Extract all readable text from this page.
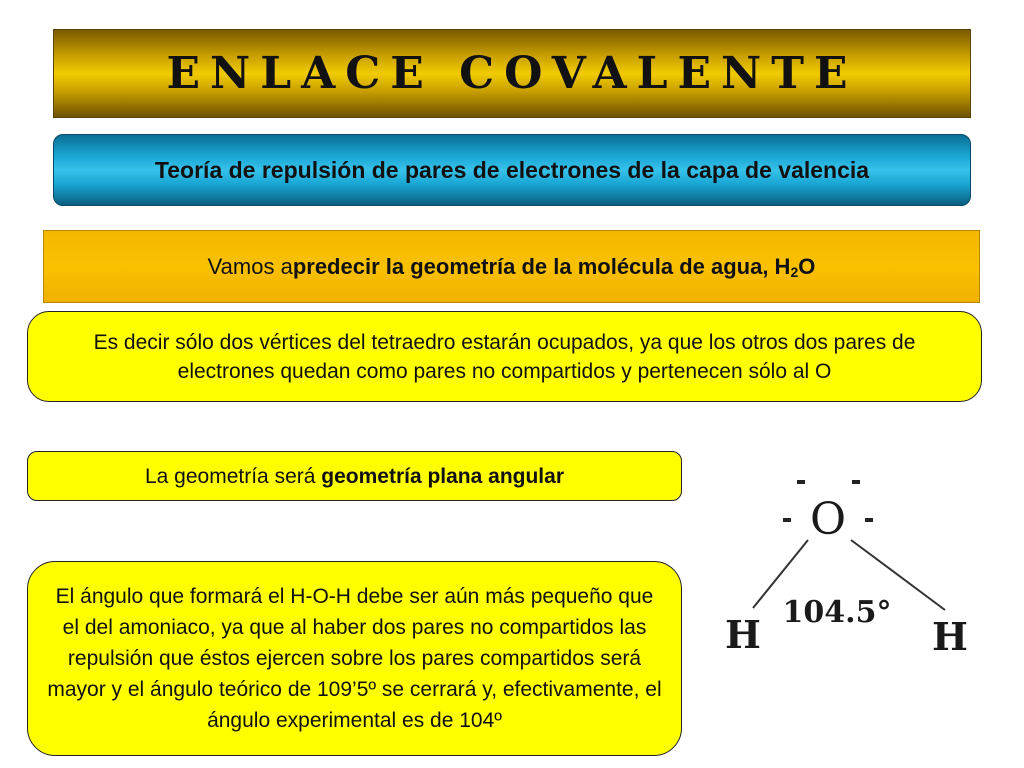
ENLACE COVALENTE
Teoría de repulsión de pares de electrones de la capa de valencia
Vamos a predecir la geometría de la molécula de agua, H $_2$ O
Es decir sólo dos vértices del tetraedro estarán ocupados, ya que los otros dos pares de electrones quedan como pares no compartidos y pertenecen sólo al O
La geometría será
geometría plana angular
El ángulo que formará el H-O-H debe ser aún más pequeño que el del amoniaco, ya que al haber dos pares no compartidos las repulsión que éstos ejercen sobre los pares compartidos será mayor y el ángulo teórico de 109’5º se cerrará y, efectivamente, el ángulo experimental es de 104º
O
H	H
104.5°
